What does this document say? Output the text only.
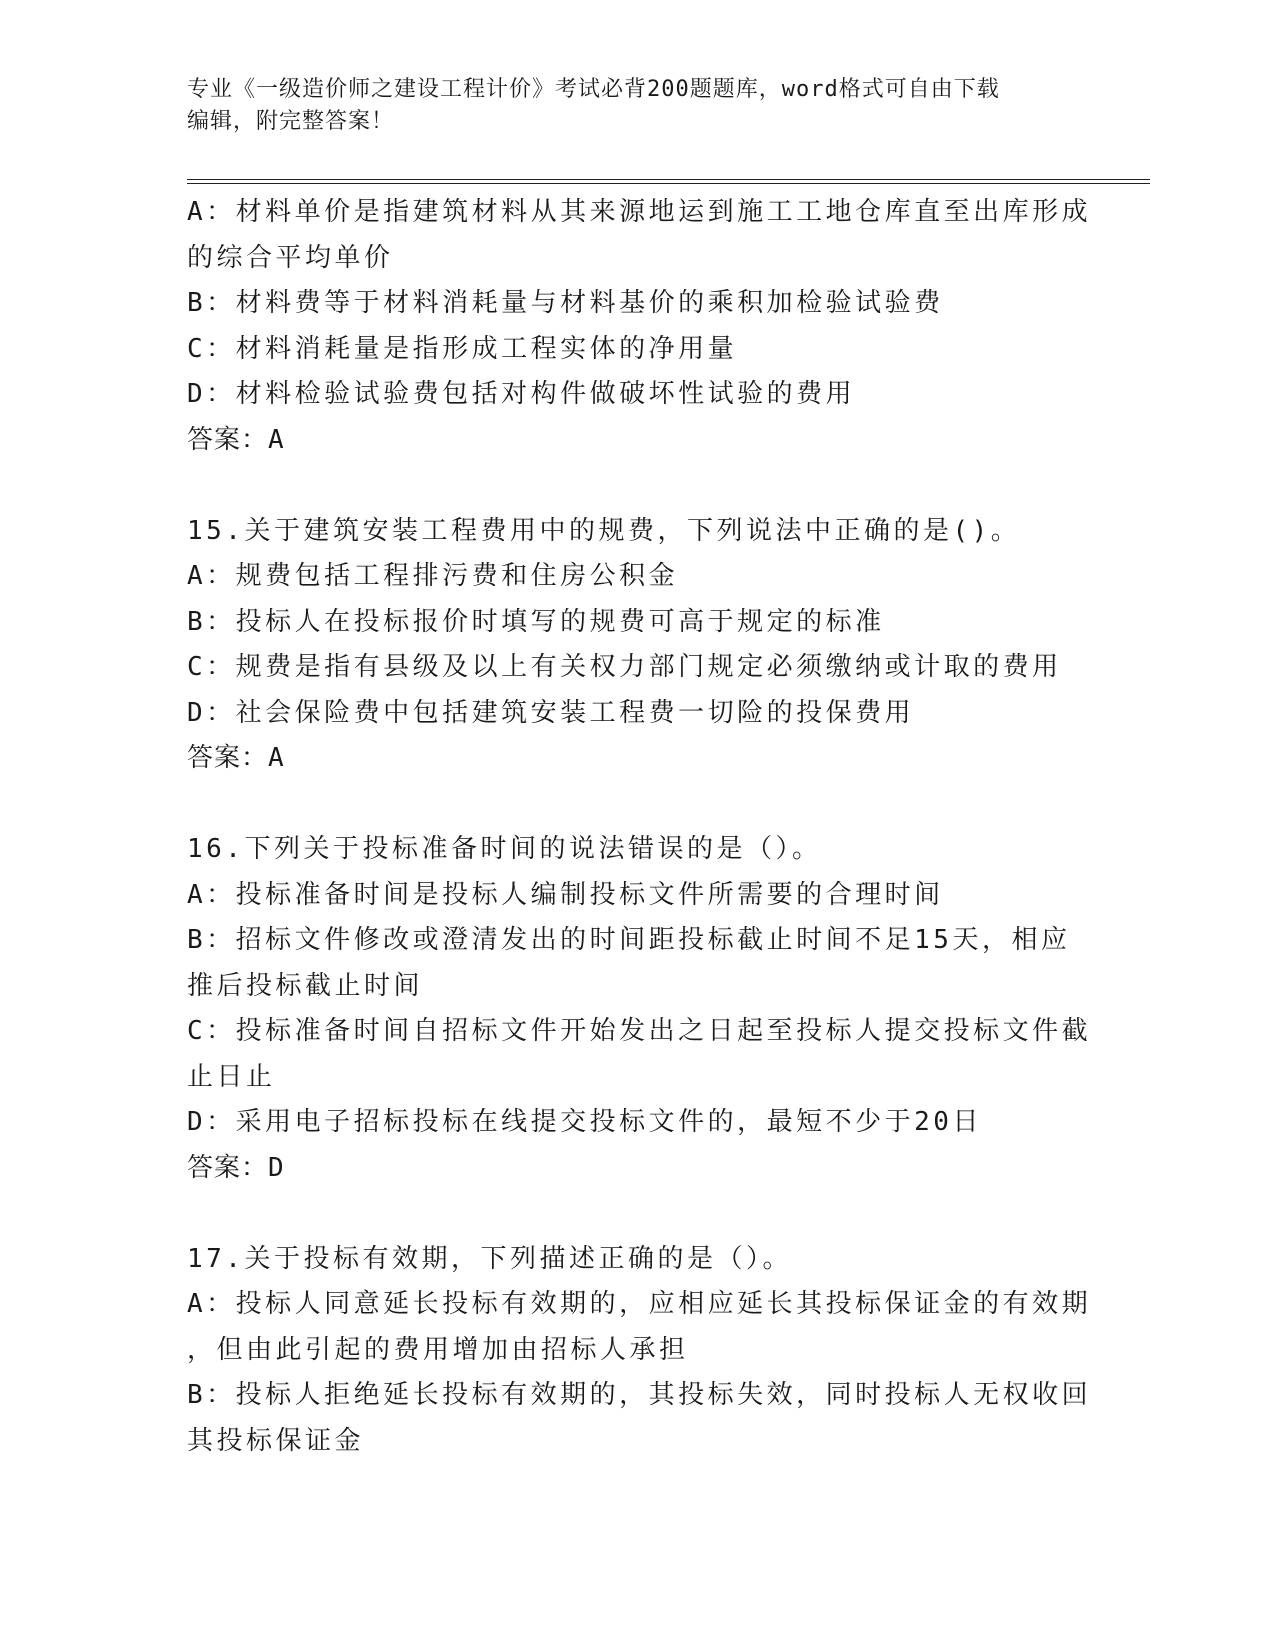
专业《一级造价师之建设工程计价》考试必背200题题库，word格式可自由下载
编辑，附完整答案！
A：材料单价是指建筑材料从其来源地运到施工工地仓库直至出库形成
的综合平均单价
B：材料费等于材料消耗量与材料基价的乘积加检验试验费
C：材料消耗量是指形成工程实体的净用量
D：材料检验试验费包括对构件做破坏性试验的费用
答案：A
15.关于建筑安装工程费用中的规费，下列说法中正确的是()。
A：规费包括工程排污费和住房公积金
B：投标人在投标报价时填写的规费可高于规定的标准
C：规费是指有县级及以上有关权力部门规定必须缴纳或计取的费用
D：社会保险费中包括建筑安装工程费一切险的投保费用
答案：A
16.下列关于投标准备时间的说法错误的是（）。
A：投标准备时间是投标人编制投标文件所需要的合理时间
B：招标文件修改或澄清发出的时间距投标截止时间不足15天，相应
推后投标截止时间
C：投标准备时间自招标文件开始发出之日起至投标人提交投标文件截
止日止
D：采用电子招标投标在线提交投标文件的，最短不少于20日
答案：D
17.关于投标有效期，下列描述正确的是（）。
A：投标人同意延长投标有效期的，应相应延长其投标保证金的有效期
，但由此引起的费用增加由招标人承担
B：投标人拒绝延长投标有效期的，其投标失效，同时投标人无权收回
其投标保证金
